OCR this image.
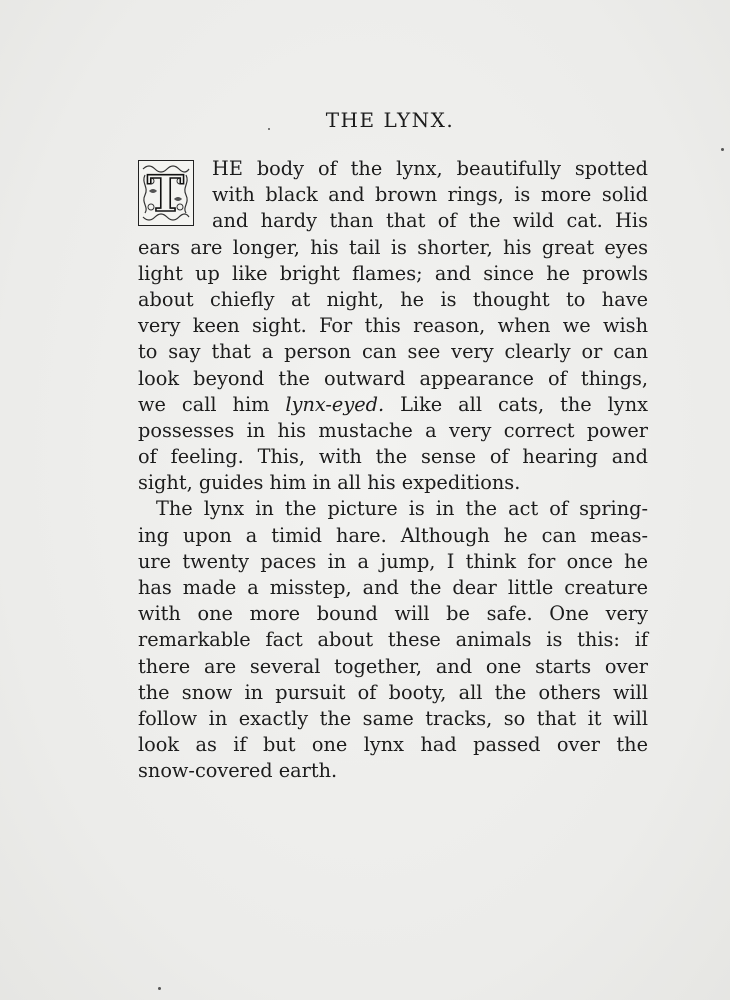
THE LYNX.
T	HE body of the lynx, beautifully spotted
with black and brown rings, is more solid
and hardy than that of the wild cat. His
ears are longer, his tail is shorter, his great eyes
light up like bright flames; and since he prowls
about chiefly at night, he is thought to have
very keen sight. For this reason, when we wish
to say that a person can see very clearly or can
look beyond the outward appearance of things,
we call him lynx-eyed. Like all cats, the lynx
possesses in his mustache a very correct power
of feeling. This, with the sense of hearing and
sight, guides him in all his expeditions.
The lynx in the picture is in the act of spring-
ing upon a timid hare. Although he can meas-
ure twenty paces in a jump, I think for once he
has made a misstep, and the dear little creature
with one more bound will be safe. One very
remarkable fact about these animals is this: if
there are several together, and one starts over
the snow in pursuit of booty, all the others will
follow in exactly the same tracks, so that it will
look as if but one lynx had passed over the
snow-covered earth.
